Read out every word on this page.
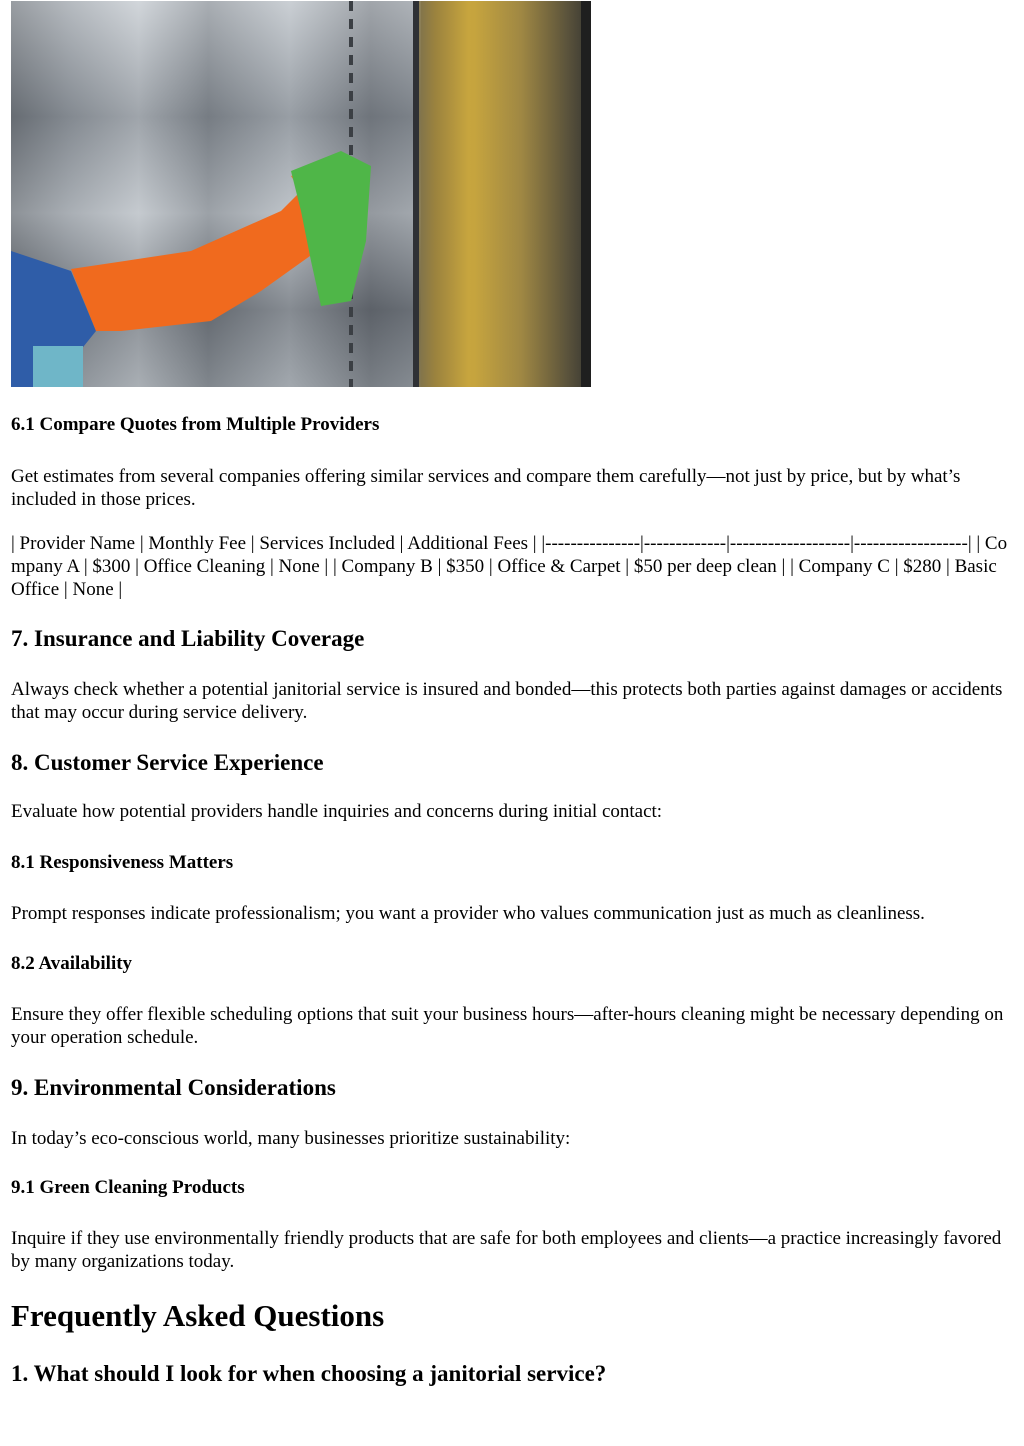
6.1 Compare Quotes from Multiple Providers

Get estimates from several companies offering similar services and compare them carefully—not just by price, but by what’s included in those prices.

| Provider Name | Monthly Fee | Services Included | Additional Fees | |---------------|-------------|-------------------|------------------| | Company A | $300 | Office Cleaning | None | | Company B | $350 | Office & Carpet | $50 per deep clean | | Company C | $280 | Basic Office | None |

7. Insurance and Liability Coverage

Always check whether a potential janitorial service is insured and bonded—this protects both parties against damages or accidents that may occur during service delivery.

8. Customer Service Experience

Evaluate how potential providers handle inquiries and concerns during initial contact:

8.1 Responsiveness Matters

Prompt responses indicate professionalism; you want a provider who values communication just as much as cleanliness.

8.2 Availability

Ensure they offer flexible scheduling options that suit your business hours—after-hours cleaning might be necessary depending on your operation schedule.

9. Environmental Considerations

In today’s eco-conscious world, many businesses prioritize sustainability:

9.1 Green Cleaning Products

Inquire if they use environmentally friendly products that are safe for both employees and clients—a practice increasingly favored by many organizations today.

Frequently Asked Questions
1. What should I look for when choosing a janitorial service?
